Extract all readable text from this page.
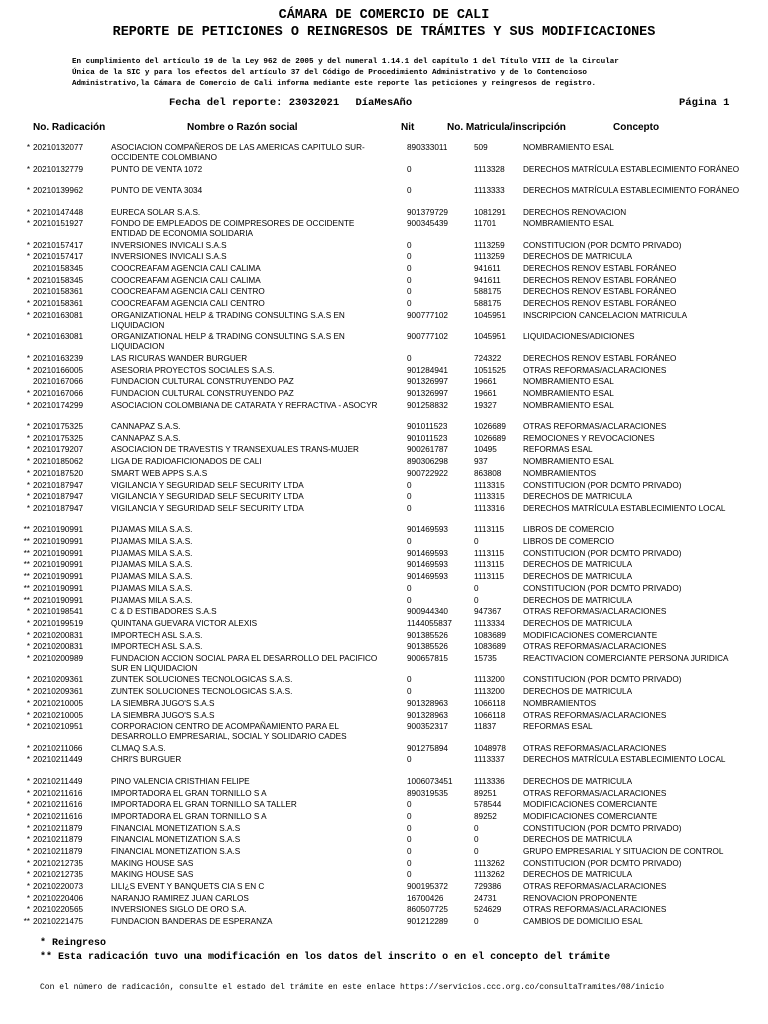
CÁMARA DE COMERCIO DE CALI
REPORTE DE PETICIONES O REINGRESOS DE TRÁMITES Y SUS MODIFICACIONES
En cumplimiento del artículo 19 de la Ley 962 de 2005 y del numeral 1.14.1 del capítulo 1 del Título VIII de la Circular
Única de la SIC y para los efectos del artículo 37 del Código de Procedimiento Administrativo y de lo Contencioso
Administrativo,la Cámara de Comercio de Cali informa mediante este reporte las peticiones y reingresos de registro.
Fecha del reporte: 23032021 DíaMesAño	Página 1
No. Radicación	Nombre o Razón social	Nit	No. Matricula/inscripción	Concepto
* 20210132077	ASOCIACION COMPAÑEROS DE LAS AMERICAS CAPITULO SUR-OCCIDENTE COLOMBIANO
890333011	509	NOMBRAMIENTO ESAL
* 20210132779	PUNTO DE VENTA 1072	0	1113328 DERECHOS MATRÍCULA ESTABLECIMIENTO FORÁNEO
* 20210139962	PUNTO DE VENTA 3034	0	1113333 DERECHOS MATRÍCULA ESTABLECIMIENTO FORÁNEO
* 20210147448	EURECA SOLAR S.A.S.	901379729	1081291 DERECHOS RENOVACION
* 20210151927	FONDO DE EMPLEADOS DE COIMPRESORES DE OCCIDENTE ENTIDAD DE ECONOMIA SOLIDARIA
900345439	11701	NOMBRAMIENTO ESAL
* 20210157417	INVERSIONES INVICALI S.A.S	0	1113259 CONSTITUCION (POR DCMTO PRIVADO)
* 20210157417	INVERSIONES INVICALI S.A.S	0	1113259 DERECHOS DE MATRICULA
20210158345	COOCREAFAM AGENCIA CALI CALIMA	0	941611	DERECHOS RENOV ESTABL FORÁNEO
* 20210158345	COOCREAFAM AGENCIA CALI CALIMA	0	941611	DERECHOS RENOV ESTABL FORÁNEO
20210158361	COOCREAFAM AGENCIA CALI CENTRO	0	588175	DERECHOS RENOV ESTABL FORÁNEO
* 20210158361	COOCREAFAM AGENCIA CALI CENTRO	0	588175	DERECHOS RENOV ESTABL FORÁNEO
* 20210163081	ORGANIZATIONAL HELP & TRADING CONSULTING S.A.S EN LIQUIDACION
900777102	1045951 INSCRIPCION CANCELACION MATRICULA
* 20210163081	ORGANIZATIONAL HELP & TRADING CONSULTING S.A.S EN LIQUIDACION
900777102	1045951 LIQUIDACIONES/ADICIONES
* 20210163239	LAS RICURAS WANDER BURGUER	0	724322	DERECHOS RENOV ESTABL FORÁNEO
* 20210166005	ASESORIA PROYECTOS SOCIALES S.A.S.	901284941	1051525 OTRAS REFORMAS/ACLARACIONES
20210167066	FUNDACION CULTURAL CONSTRUYENDO PAZ	901326997	19661	NOMBRAMIENTO ESAL
* 20210167066	FUNDACION CULTURAL CONSTRUYENDO PAZ	901326997	19661	NOMBRAMIENTO ESAL
* 20210174299	ASOCIACION COLOMBIANA DE CATARATA Y REFRACTIVA - ASOCYR	901258832	19327	NOMBRAMIENTO ESAL
* 20210175325	CANNAPAZ S.A.S.	901011523	1026689 OTRAS REFORMAS/ACLARACIONES
* 20210175325	CANNAPAZ S.A.S.	901011523	1026689 REMOCIONES Y REVOCACIONES
* 20210179207	ASOCIACION DE TRAVESTIS Y TRANSEXUALES TRANS-MUJER	900261787	10495	REFORMAS ESAL
* 20210185062	LIGA DE RADIOAFICIONADOS DE CALI	890306298	937	NOMBRAMIENTO ESAL
* 20210187520	SMART WEB APPS S.A.S	900722922	863808	NOMBRAMIENTOS
* 20210187947	VIGILANCIA Y SEGURIDAD SELF SECURITY LTDA	0	1113315 CONSTITUCION (POR DCMTO PRIVADO)
* 20210187947	VIGILANCIA Y SEGURIDAD SELF SECURITY LTDA	0	1113315 DERECHOS DE MATRICULA
* 20210187947	VIGILANCIA Y SEGURIDAD SELF SECURITY LTDA	0	1113316 DERECHOS MATRÍCULA ESTABLECIMIENTO LOCAL
** 20210190991	PIJAMAS MILA S.A.S.	901469593	1113115 LIBROS DE COMERCIO
** 20210190991	PIJAMAS MILA S.A.S.	0	0	LIBROS DE COMERCIO
** 20210190991	PIJAMAS MILA S.A.S.	901469593	1113115 CONSTITUCION (POR DCMTO PRIVADO)
** 20210190991	PIJAMAS MILA S.A.S.	901469593	1113115 DERECHOS DE MATRICULA
** 20210190991	PIJAMAS MILA S.A.S.	901469593	1113115 DERECHOS DE MATRICULA
** 20210190991	PIJAMAS MILA S.A.S.	0	0	CONSTITUCION (POR DCMTO PRIVADO)
** 20210190991	PIJAMAS MILA S.A.S.	0	0	DERECHOS DE MATRICULA
* 20210198541	C & D ESTIBADORES S.A.S	900944340	947367	OTRAS REFORMAS/ACLARACIONES
* 20210199519	QUINTANA GUEVARA VICTOR ALEXIS	1144055837	1113334 DERECHOS DE MATRICULA
* 20210200831	IMPORTECH ASL S.A.S.	901385526	1083689 MODIFICACIONES COMERCIANTE
* 20210200831	IMPORTECH ASL S.A.S.	901385526	1083689 OTRAS REFORMAS/ACLARACIONES
* 20210200989	FUNDACION ACCION SOCIAL PARA EL DESARROLLO DEL PACIFICO SUR EN LIQUIDACION
900657815	15735	REACTIVACION COMERCIANTE PERSONA JURIDICA
* 20210209361	ZUNTEK SOLUCIONES TECNOLOGICAS S.A.S.	0	1113200 CONSTITUCION (POR DCMTO PRIVADO)
* 20210209361	ZUNTEK SOLUCIONES TECNOLOGICAS S.A.S.	0	1113200 DERECHOS DE MATRICULA
* 20210210005	LA SIEMBRA JUGO'S S.A.S	901328963	1066118 NOMBRAMIENTOS
* 20210210005	LA SIEMBRA JUGO'S S.A.S	901328963	1066118 OTRAS REFORMAS/ACLARACIONES
* 20210210951	CORPORACION CENTRO DE ACOMPAÑAMIENTO PARA EL DESARROLLO EMPRESARIAL, SOCIAL Y SOLIDARIO CADES
900352317	11837	REFORMAS ESAL
* 20210211066	CLMAQ S.A.S.	901275894	1048978 OTRAS REFORMAS/ACLARACIONES
* 20210211449	CHRI'S BURGUER	0	1113337 DERECHOS MATRÍCULA ESTABLECIMIENTO LOCAL
* 20210211449	PINO VALENCIA CRISTHIAN FELIPE	1006073451	1113336 DERECHOS DE MATRICULA
* 20210211616	IMPORTADORA EL GRAN TORNILLO S A	890319535	89251	OTRAS REFORMAS/ACLARACIONES
* 20210211616	IMPORTADORA EL GRAN TORNILLO SA TALLER	0	578544	MODIFICACIONES COMERCIANTE
* 20210211616	IMPORTADORA EL GRAN TORNILLO S A	0	89252	MODIFICACIONES COMERCIANTE
* 20210211879	FINANCIAL MONETIZATION S.A.S	0	0	CONSTITUCION (POR DCMTO PRIVADO)
* 20210211879	FINANCIAL MONETIZATION S.A.S	0	0	DERECHOS DE MATRICULA
* 20210211879	FINANCIAL MONETIZATION S.A.S	0	0	GRUPO EMPRESARIAL Y SITUACION DE CONTROL
* 20210212735	MAKING HOUSE SAS	0	1113262 CONSTITUCION (POR DCMTO PRIVADO)
* 20210212735	MAKING HOUSE SAS	0	1113262 DERECHOS DE MATRICULA
* 20210220073	LILI¿S EVENT Y BANQUETS CIA S EN C	900195372	729386	OTRAS REFORMAS/ACLARACIONES
* 20210220406	NARANJO RAMIREZ JUAN CARLOS	16700426	24731	RENOVACION PROPONENTE
* 20210220565	INVERSIONES SIGLO DE ORO S.A.	860507725	524629	OTRAS REFORMAS/ACLARACIONES
** 20210221475	FUNDACION BANDERAS DE ESPERANZA	901212289	0	CAMBIOS DE DOMICILIO ESAL
* Reingreso
** Esta radicación tuvo una modificación en los datos del inscrito o en el concepto del trámite
Con el número de radicación, consulte el estado del trámite en este enlace https://servicios.ccc.org.co/consultaTramites/08/inicio
